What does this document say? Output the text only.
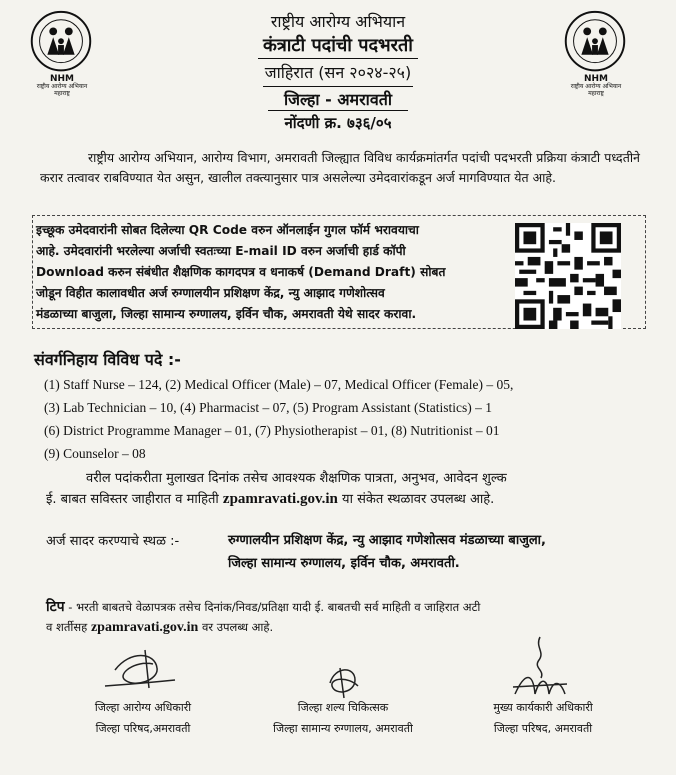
NHM
राष्ट्रीय आरोग्य अभियान
महाराष्ट्र
NHM
राष्ट्रीय आरोग्य अभियान
महाराष्ट्र
राष्ट्रीय आरोग्य अभियान
कंत्राटी पदांची पदभरती
जाहिरात (सन २०२४-२५)
जिल्हा - अमरावती
नोंदणी क्र. ७३६/०५
राष्ट्रीय आरोग्य अभियान, आरोग्य विभाग, अमरावती जिल्ह्यात विविध कार्यक्रमांतर्गत पदांची पदभरती प्रक्रिया कंत्राटी पध्दतीने करार तत्वावर राबविण्यात येत असुन, खालील तक्त्यानुसार पात्र असलेल्या उमेदवारांकडून अर्ज मागविण्यात येत आहे.
इच्छूक उमेदवारांनी सोबत दिलेल्या QR Code वरुन ऑनलाईन गुगल फॉर्म भरावयाचा
आहे. उमेदवारांनी भरलेल्या अर्जाची स्वतःच्या E-mail ID वरुन अर्जाची हार्ड कॉपी
Download करुन संबंधीत शैक्षणिक कागदपत्र व धनाकर्ष (Demand Draft) सोबत
जोडून विहीत कालावधीत अर्ज रुग्णालयीन प्रशिक्षण केंद्र, न्यु आझाद गणेशोत्सव
मंडळाच्या बाजुला, जिल्हा सामान्य रुग्णालय, इर्विन चौक, अमरावती येथे सादर करावा.
संवर्गनिहाय विविध पदे :-
(1) Staff Nurse – 124, (2) Medical Officer (Male) – 07, Medical Officer (Female) – 05,
(3) Lab Technician – 10, (4) Pharmacist – 07, (5) Program Assistant (Statistics) – 1
(6) District Programme Manager – 01, (7) Physiotherapist – 01, (8) Nutritionist – 01
(9) Counselor – 08
वरील पदांकरीता मुलाखत दिनांक तसेच आवश्यक शैक्षणिक पात्रता, अनुभव, आवेदन शुल्क
ई. बाबत सविस्तर जाहीरात व माहिती zpamravati.gov.in या संकेत स्थळावर उपलब्ध आहे.
अर्ज सादर करण्याचे स्थळ :-	रुग्णालयीन प्रशिक्षण केंद्र, न्यु आझाद गणेशोत्सव मंडळाच्या बाजुला,
जिल्हा सामान्य रुग्णालय, इर्विन चौक, अमरावती.
टिप - भरती बाबतचे वेळापत्रक तसेच दिनांक/निवड/प्रतिक्षा यादी ई. बाबतची सर्व माहिती व जाहिरात अटी
व शर्तीसह zpamravati.gov.in वर उपलब्ध आहे.
जिल्हा आरोग्य अधिकारी
जिल्हा परिषद,अमरावती
जिल्हा शल्य चिकित्सक
जिल्हा सामान्य रुग्णालय, अमरावती
मुख्य कार्यकारी अधिकारी
जिल्हा परिषद, अमरावती
